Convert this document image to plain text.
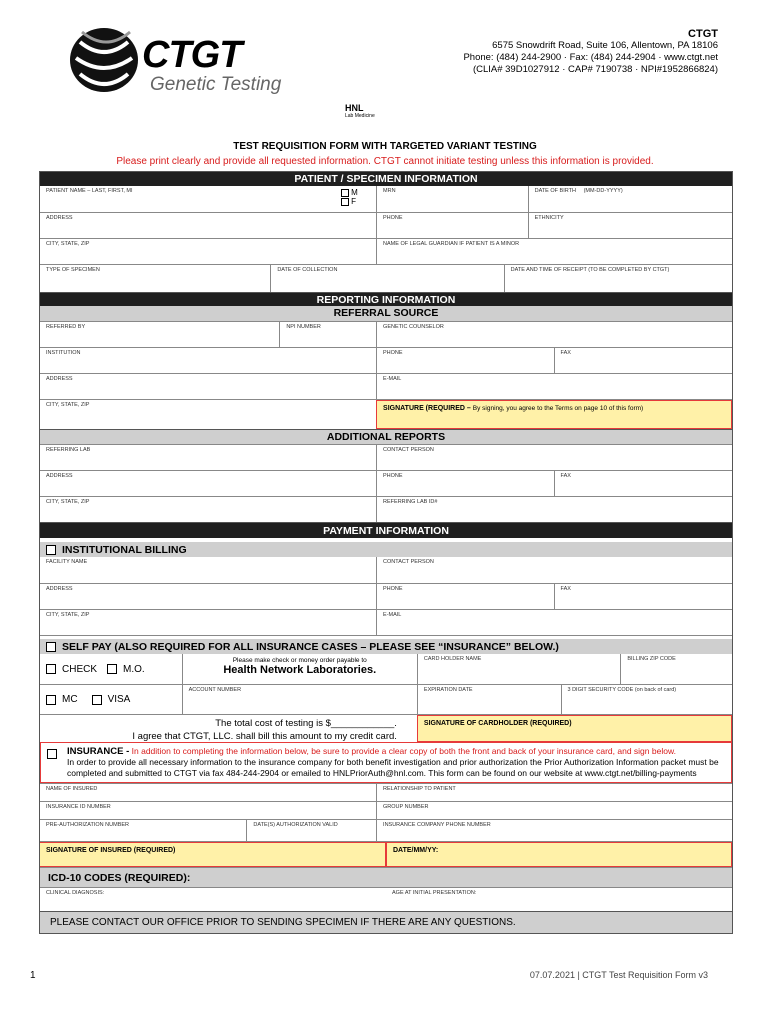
CTGT
Genetic Testing
CTGT
6575 Snowdrift Road, Suite 106, Allentown, PA 18106
Phone: (484) 244-2900 · Fax: (484) 244-2904 · www.ctgt.net
(CLIA# 39D1027912 · CAP# 7190738 · NPI#1952866824)
HNL
Lab Medicine
TEST REQUISITION FORM WITH TARGETED VARIANT TESTING
Please print clearly and provide all requested information. CTGT cannot initiate testing unless this information is provided.
PATIENT / SPECIMEN INFORMATION
PATIENT NAME – LAST, FIRST, MI	M
F
MRN	DATE OF BIRTH (MM-DD-YYYY)
ADDRESS	PHONE	ETHNICITY
CITY, STATE, ZIP	NAME OF LEGAL GUARDIAN IF PATIENT IS A MINOR
TYPE OF SPECIMEN	DATE OF COLLECTION	DATE AND TIME OF RECEIPT (TO BE COMPLETED BY CTGT)
REPORTING INFORMATION
REFERRAL SOURCE
REFERRED BY	NPI NUMBER	GENETIC COUNSELOR
INSTITUTION	PHONE	FAX
ADDRESS	E-MAIL
CITY, STATE, ZIP	SIGNATURE (REQUIRED – By signing, you agree to the Terms on page 10 of this form)
ADDITIONAL REPORTS
REFERRING LAB	CONTACT PERSON
ADDRESS	PHONE	FAX
CITY, STATE, ZIP	REFERRING LAB ID#
PAYMENT INFORMATION
INSTITUTIONAL BILLING
FACILITY NAME	CONTACT PERSON
ADDRESS	PHONE	FAX
CITY, STATE, ZIP	E-MAIL
SELF PAY (ALSO REQUIRED FOR ALL INSURANCE CASES – PLEASE SEE “INSURANCE” BELOW.)
CHECK	M.O.
Please make check or money order payable to
Health Network Laboratories.
CARD HOLDER NAME	BILLING ZIP CODE
MC	VISA
ACCOUNT NUMBER	EXPIRATION DATE	3 DIGIT SECURITY CODE (on back of card)
The total cost of testing is $____________.
I agree that CTGT, LLC. shall bill this amount to my credit card.
SIGNATURE OF CARDHOLDER (REQUIRED)
INSURANCE - In addition to completing the information below, be sure to provide a clear copy of both the front and back of your insurance card, and sign below.
In order to provide all necessary information to the insurance company for both benefit investigation and prior authorization the Prior Authorization Information packet must be completed and submitted to CTGT via fax 484-244-2904 or emailed to HNLPriorAuth@hnl.com. This form can be found on our website at www.ctgt.net/billing-payments
NAME OF INSURED	RELATIONSHIP TO PATIENT
INSURANCE ID NUMBER	GROUP NUMBER
PRE-AUTHORIZATION NUMBER	DATE(S) AUTHORIZATION VALID	INSURANCE COMPANY PHONE NUMBER
SIGNATURE OF INSURED (REQUIRED)	DATE/MM/YY:
ICD-10 CODES (REQUIRED):
CLINICAL DIAGNOSIS:	AGE AT INITIAL PRESENTATION:
PLEASE CONTACT OUR OFFICE PRIOR TO SENDING SPECIMEN IF THERE ARE ANY QUESTIONS.
1	07.07.2021 | CTGT Test Requisition Form v3
